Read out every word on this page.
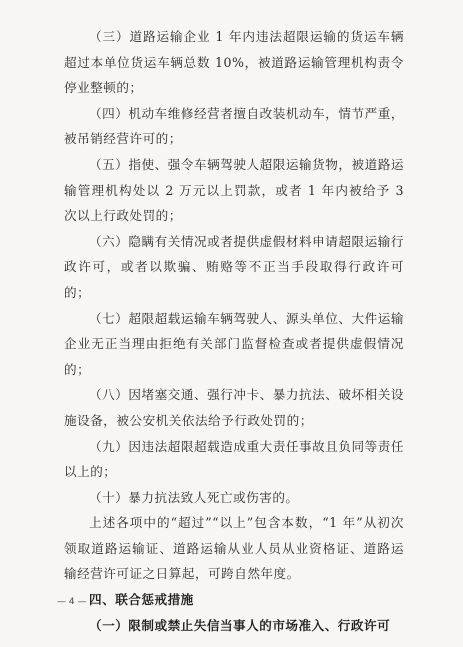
（三）道路运输企业 1 年内违法超限运输的货运车辆超过本单位货运车辆总数 10%，被道路运输管理机构责令停业整顿的；

（四）机动车维修经营者擅自改装机动车，情节严重，被吊销经营许可的；

（五）指使、强令车辆驾驶人超限运输货物，被道路运输管理机构处以 2 万元以上罚款，或者 1 年内被给予 3 次以上行政处罚的；

（六）隐瞒有关情况或者提供虚假材料申请超限运输行政许可，或者以欺骗、贿赂等不正当手段取得行政许可的；

（七）超限超载运输车辆驾驶人、源头单位、大件运输企业无正当理由拒绝有关部门监督检查或者提供虚假情况的；

（八）因堵塞交通、强行冲卡、暴力抗法、破坏相关设施设备，被公安机关依法给予行政处罚的；

（九）因违法超限超载造成重大责任事故且负同等责任以上的；

（十）暴力抗法致人死亡或伤害的。

上述各项中的“超过”“以上”包含本数，“1 年”从初次领取道路运输证、道路运输从业人员从业资格证、道路运输经营许可证之日算起，可跨自然年度。

四、联合惩戒措施

（一）限制或禁止失信当事人的市场准入、行政许可

— 4 —
